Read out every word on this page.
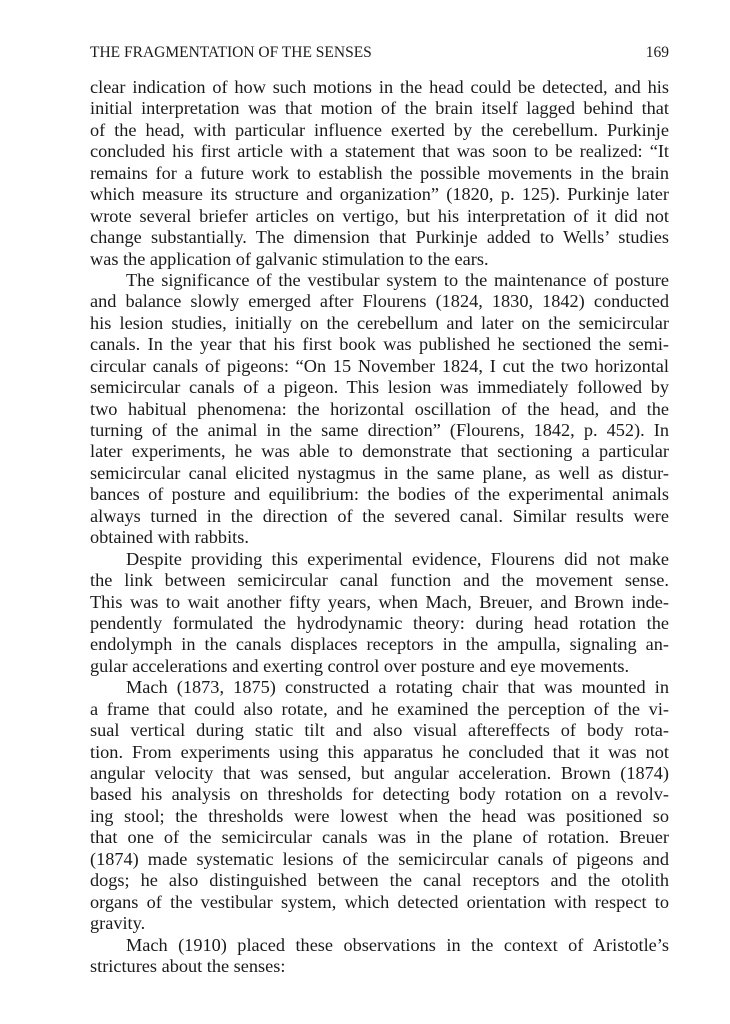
THE FRAGMENTATION OF THE SENSES	169
clear indication of how such motions in the head could be detected, and his
initial interpretation was that motion of the brain itself lagged behind that
of the head, with particular influence exerted by the cerebellum. Purkinje
concluded his first article with a statement that was soon to be realized: “It
remains for a future work to establish the possible movements in the brain
which measure its structure and organization” (1820, p. 125). Purkinje later
wrote several briefer articles on vertigo, but his interpretation of it did not
change substantially. The dimension that Purkinje added to Wells’ studies
was the application of galvanic stimulation to the ears.
The significance of the vestibular system to the maintenance of posture
and balance slowly emerged after Flourens (1824, 1830, 1842) conducted
his lesion studies, initially on the cerebellum and later on the semicircular
canals. In the year that his first book was published he sectioned the semi-
circular canals of pigeons: “On 15 November 1824, I cut the two horizontal
semicircular canals of a pigeon. This lesion was immediately followed by
two habitual phenomena: the horizontal oscillation of the head, and the
turning of the animal in the same direction” (Flourens, 1842, p. 452). In
later experiments, he was able to demonstrate that sectioning a particular
semicircular canal elicited nystagmus in the same plane, as well as distur-
bances of posture and equilibrium: the bodies of the experimental animals
always turned in the direction of the severed canal. Similar results were
obtained with rabbits.
Despite providing this experimental evidence, Flourens did not make
the link between semicircular canal function and the movement sense.
This was to wait another fifty years, when Mach, Breuer, and Brown inde-
pendently formulated the hydrodynamic theory: during head rotation the
endolymph in the canals displaces receptors in the ampulla, signaling an-
gular accelerations and exerting control over posture and eye movements.
Mach (1873, 1875) constructed a rotating chair that was mounted in
a frame that could also rotate, and he examined the perception of the vi-
sual vertical during static tilt and also visual aftereffects of body rota-
tion. From experiments using this apparatus he concluded that it was not
angular velocity that was sensed, but angular acceleration. Brown (1874)
based his analysis on thresholds for detecting body rotation on a revolv-
ing stool; the thresholds were lowest when the head was positioned so
that one of the semicircular canals was in the plane of rotation. Breuer
(1874) made systematic lesions of the semicircular canals of pigeons and
dogs; he also distinguished between the canal receptors and the otolith
organs of the vestibular system, which detected orientation with respect to
gravity.
Mach (1910) placed these observations in the context of Aristotle’s
strictures about the senses:
